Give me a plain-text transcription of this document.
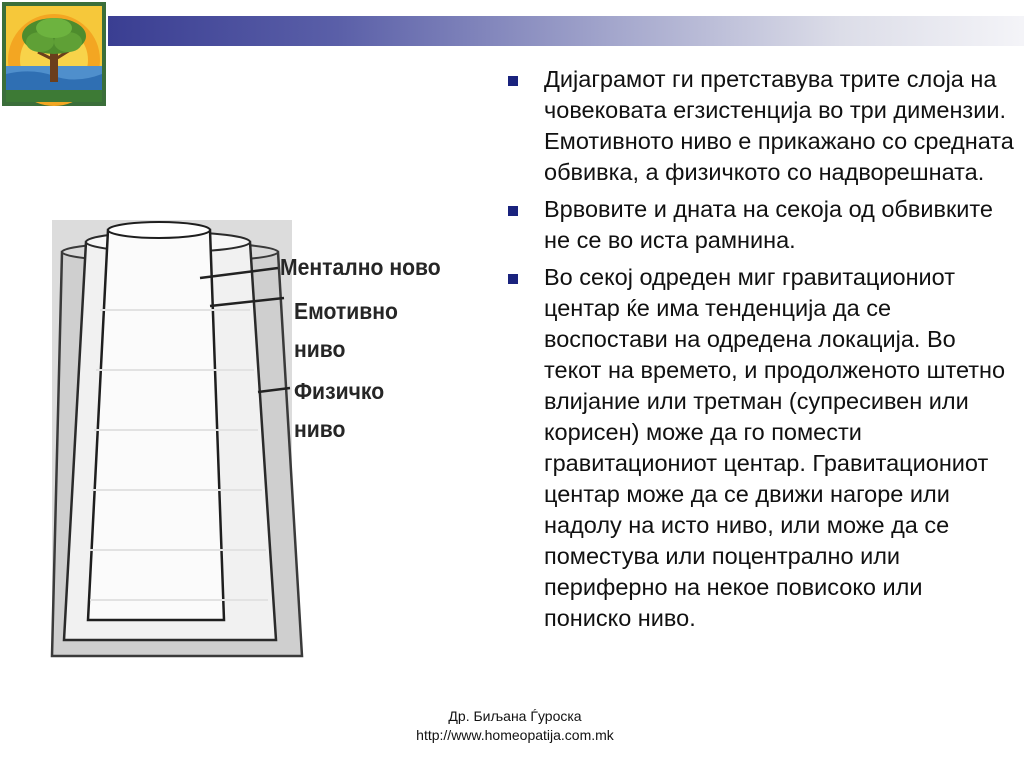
Ментално ново
Емотивно ниво
Физичко ниво
Дијаграмот ги претставува трите слоја на човековата егзистенција во три димензии. Емотивното ниво е прикажано со средната обвивка, а физичкото со надворешната.
Врвовите и дната на секоја од обвивките не се во иста рамнина.
Во секој одреден миг гравитациониот центар ќе има тенденција да се воспостави на одредена локација. Во текот на времето, и продолженото штетно влијание или третман (супресивен или корисен) може да го помести гравитациониот центар. Гравитациониот центар може да се движи нагоре или надолу на исто ниво, или може да се поместува или поцентрално или периферно на некое повисоко или пониско ниво.
Др. Биљана Ѓуроска
http://www.homeopatija.com.mk
